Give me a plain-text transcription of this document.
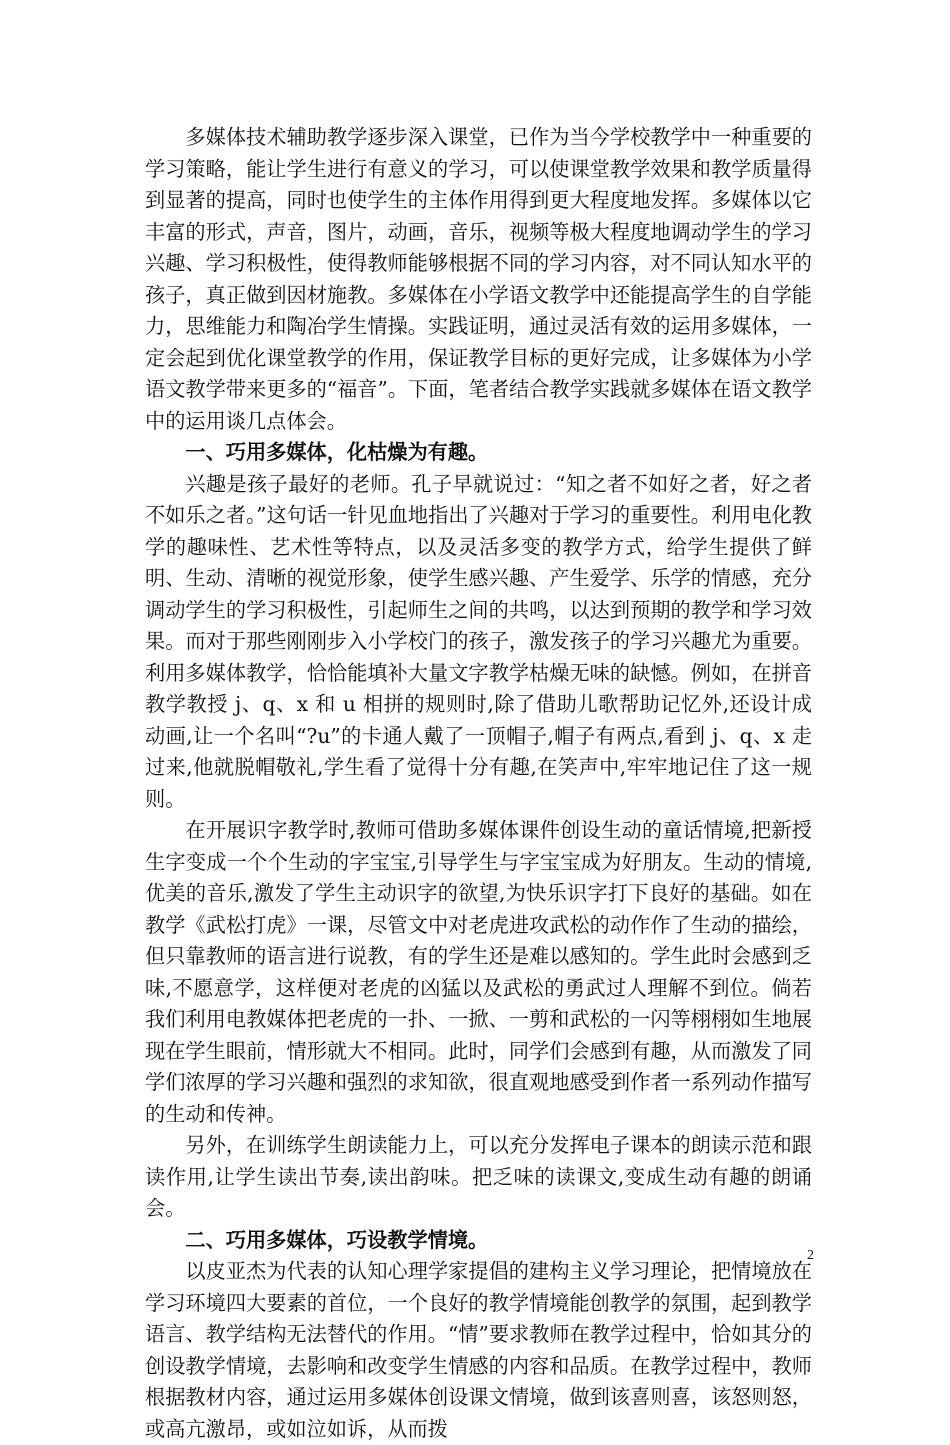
多媒体技术辅助教学逐步深入课堂，已作为当今学校教学中一种重要的学习策略，能让学生进行有意义的学习，可以使课堂教学效果和教学质量得到显著的提高，同时也使学生的主体作用得到更大程度地发挥。多媒体以它丰富的形式，声音，图片，动画，音乐，视频等极大程度地调动学生的学习兴趣、学习积极性，使得教师能够根据不同的学习内容，对不同认知水平的孩子，真正做到因材施教。多媒体在小学语文教学中还能提高学生的自学能力，思维能力和陶冶学生情操。实践证明，通过灵活有效的运用多媒体，一定会起到优化课堂教学的作用，保证教学目标的更好完成，让多媒体为小学语文教学带来更多的“福音”。下面，笔者结合教学实践就多媒体在语文教学中的运用谈几点体会。

一、巧用多媒体，化枯燥为有趣。

兴趣是孩子最好的老师。孔子早就说过：“知之者不如好之者，好之者不如乐之者。”这句话一针见血地指出了兴趣对于学习的重要性。利用电化教学的趣味性、艺术性等特点，以及灵活多变的教学方式，给学生提供了鲜明、生动、清晰的视觉形象，使学生感兴趣、产生爱学、乐学的情感，充分调动学生的学习积极性，引起师生之间的共鸣，以达到预期的教学和学习效果。而对于那些刚刚步入小学校门的孩子，激发孩子的学习兴趣尤为重要。利用多媒体教学，恰恰能填补大量文字教学枯燥无味的缺憾。例如，在拼音教学教授 j、q、x 和 u 相拼的规则时,除了借助儿歌帮助记忆外,还设计成动画,让一个名叫“?u”的卡通人戴了一顶帽子,帽子有两点,看到 j、q、x 走过来,他就脱帽敬礼,学生看了觉得十分有趣,在笑声中,牢牢地记住了这一规则。

在开展识字教学时,教师可借助多媒体课件创设生动的童话情境,把新授生字变成一个个生动的字宝宝,引导学生与字宝宝成为好朋友。生动的情境,优美的音乐,激发了学生主动识字的欲望,为快乐识字打下良好的基础。如在教学《武松打虎》一课，尽管文中对老虎进攻武松的动作作了生动的描绘，但只靠教师的语言进行说教，有的学生还是难以感知的。学生此时会感到乏味,不愿意学，这样便对老虎的凶猛以及武松的勇武过人理解不到位。倘若我们利用电教媒体把老虎的一扑、一掀、一剪和武松的一闪等栩栩如生地展现在学生眼前，情形就大不相同。此时，同学们会感到有趣，从而激发了同学们浓厚的学习兴趣和强烈的求知欲，很直观地感受到作者一系列动作描写的生动和传神。

另外，在训练学生朗读能力上，可以充分发挥电子课本的朗读示范和跟读作用,让学生读出节奏,读出韵味。把乏味的读课文,变成生动有趣的朗诵会。

二、巧用多媒体，巧设教学情境。

以皮亚杰为代表的认知心理学家提倡的建构主义学习理论，把情境放在学习环境四大要素的首位，一个良好的教学情境能创教学的氛围，起到教学语言、教学结构无法替代的作用。“情”要求教师在教学过程中，恰如其分的创设教学情境，去影响和改变学生情感的内容和品质。在教学过程中，教师根据教材内容，通过运用多媒体创设课文情境，做到该喜则喜，该怒则怒，或高亢激昂，或如泣如诉，从而拨

2
